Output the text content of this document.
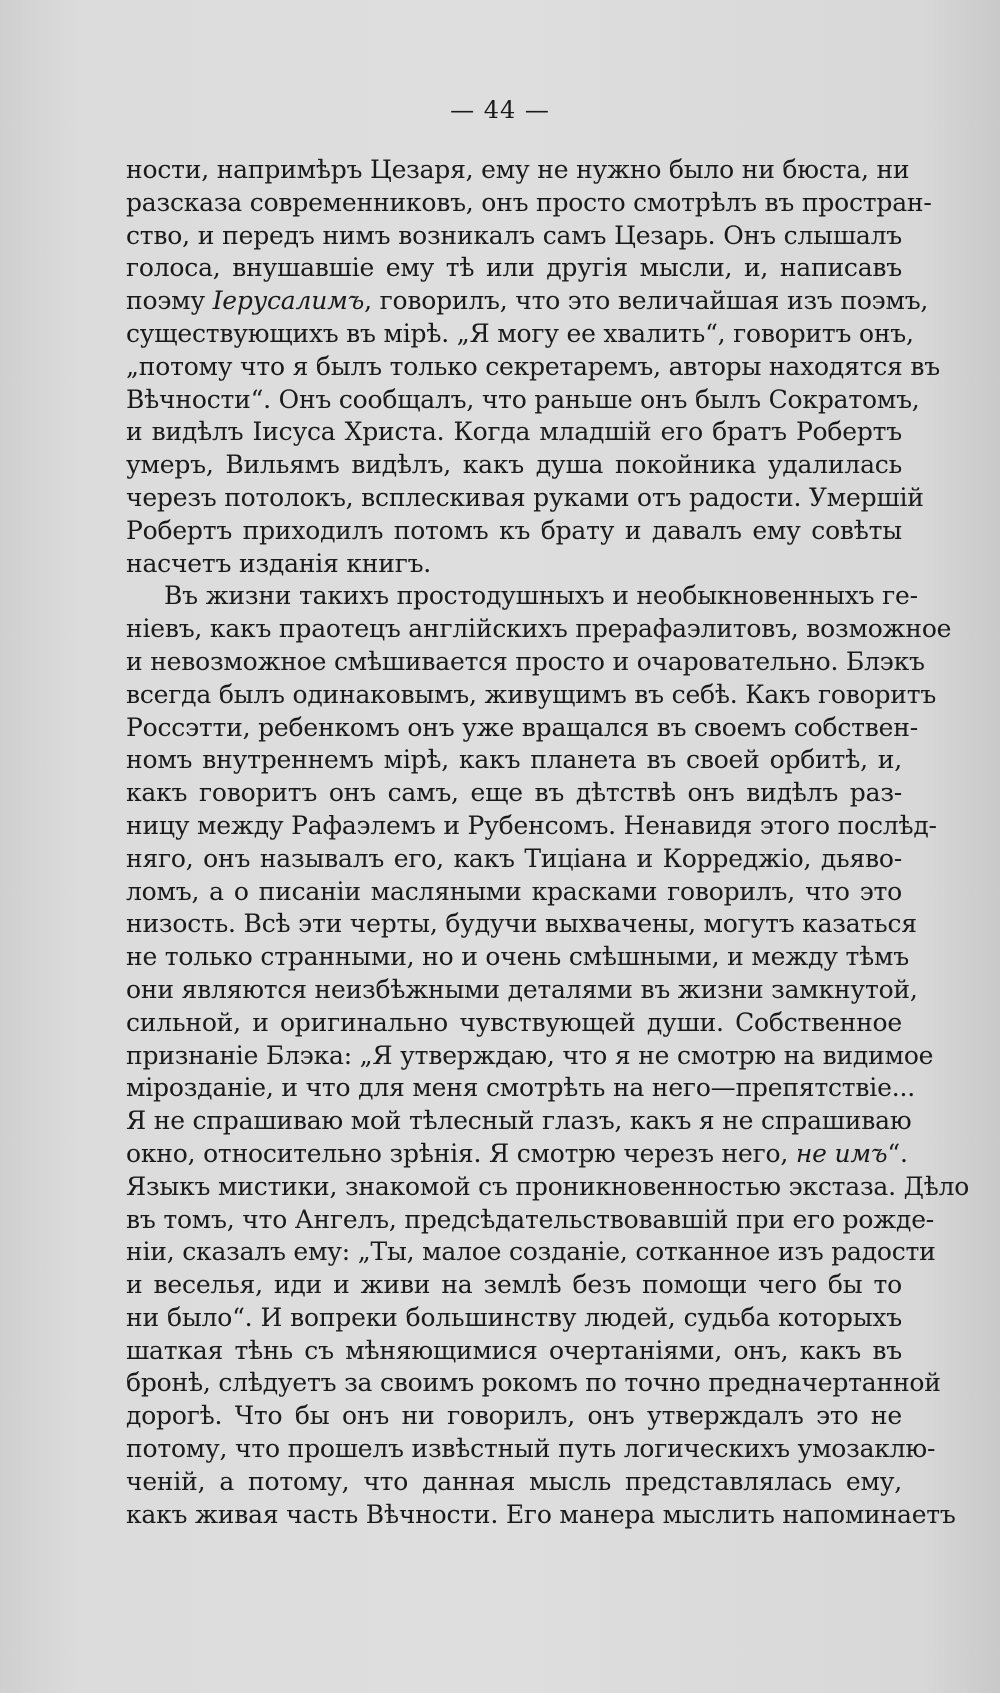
— 44 —
ности, напримѣръ Цезаря, ему не нужно было ни бюста, ни
разсказа современниковъ, онъ просто смотрѣлъ въ простран-
ство, и передъ нимъ возникалъ самъ Цезарь. Онъ слышалъ
голоса, внушавшіе ему тѣ или другія мысли, и, написавъ
поэму Іерусалимъ, говорилъ, что это величайшая изъ поэмъ,
существующихъ въ мірѣ. „Я могу ее хвалить“, говоритъ онъ,
„потому что я былъ только секретаремъ, авторы находятся въ
Вѣчности“. Онъ сообщалъ, что раньше онъ былъ Сократомъ,
и видѣлъ Іисуса Христа. Когда младшій его братъ Робертъ
умеръ, Вильямъ видѣлъ, какъ душа покойника удалилась
черезъ потолокъ, всплескивая руками отъ радости. Умершій
Робертъ приходилъ потомъ къ брату и давалъ ему совѣты
насчетъ изданія книгъ.
Въ жизни такихъ простодушныхъ и необыкновенныхъ ге-
ніевъ, какъ праотецъ англійскихъ прерафаэлитовъ, возможное
и невозможное смѣшивается просто и очаровательно. Блэкъ
всегда былъ одинаковымъ, живущимъ въ себѣ. Какъ говоритъ
Россэтти, ребенкомъ онъ уже вращался въ своемъ собствен-
номъ внутреннемъ мірѣ, какъ планета въ своей орбитѣ, и,
какъ говоритъ онъ самъ, еще въ дѣтствѣ онъ видѣлъ раз-
ницу между Рафаэлемъ и Рубенсомъ. Ненавидя этого послѣд-
няго, онъ называлъ его, какъ Тиціана и Корреджіо, дьяво-
ломъ, а о писаніи масляными красками говорилъ, что это
низость. Всѣ эти черты, будучи выхвачены, могутъ казаться
не только странными, но и очень смѣшными, и между тѣмъ
они являются неизбѣжными деталями въ жизни замкнутой,
сильной, и оригинально чувствующей души. Собственное
признаніе Блэка: „Я утверждаю, что я не смотрю на видимое
мірозданіе, и что для меня смотрѣть на него—препятствіе...
Я не спрашиваю мой тѣлесный глазъ, какъ я не спрашиваю
окно, относительно зрѣнія. Я смотрю черезъ него, не имъ“.
Языкъ мистики, знакомой съ проникновенностью экстаза. Дѣло
въ томъ, что Ангелъ, предсѣдательствовавшій при его рожде-
ніи, сказалъ ему: „Ты, малое созданіе, сотканное изъ радости
и веселья, иди и живи на землѣ безъ помощи чего бы то
ни было“. И вопреки большинству людей, судьба которыхъ
шаткая тѣнь съ мѣняющимися очертаніями, онъ, какъ въ
бронѣ, слѣдуетъ за своимъ рокомъ по точно предначертанной
дорогѣ. Что бы онъ ни говорилъ, онъ утверждалъ это не
потому, что прошелъ извѣстный путь логическихъ умозаклю-
ченій, а потому, что данная мысль представлялась ему,
какъ живая часть Вѣчности. Его манера мыслить напоминаетъ
